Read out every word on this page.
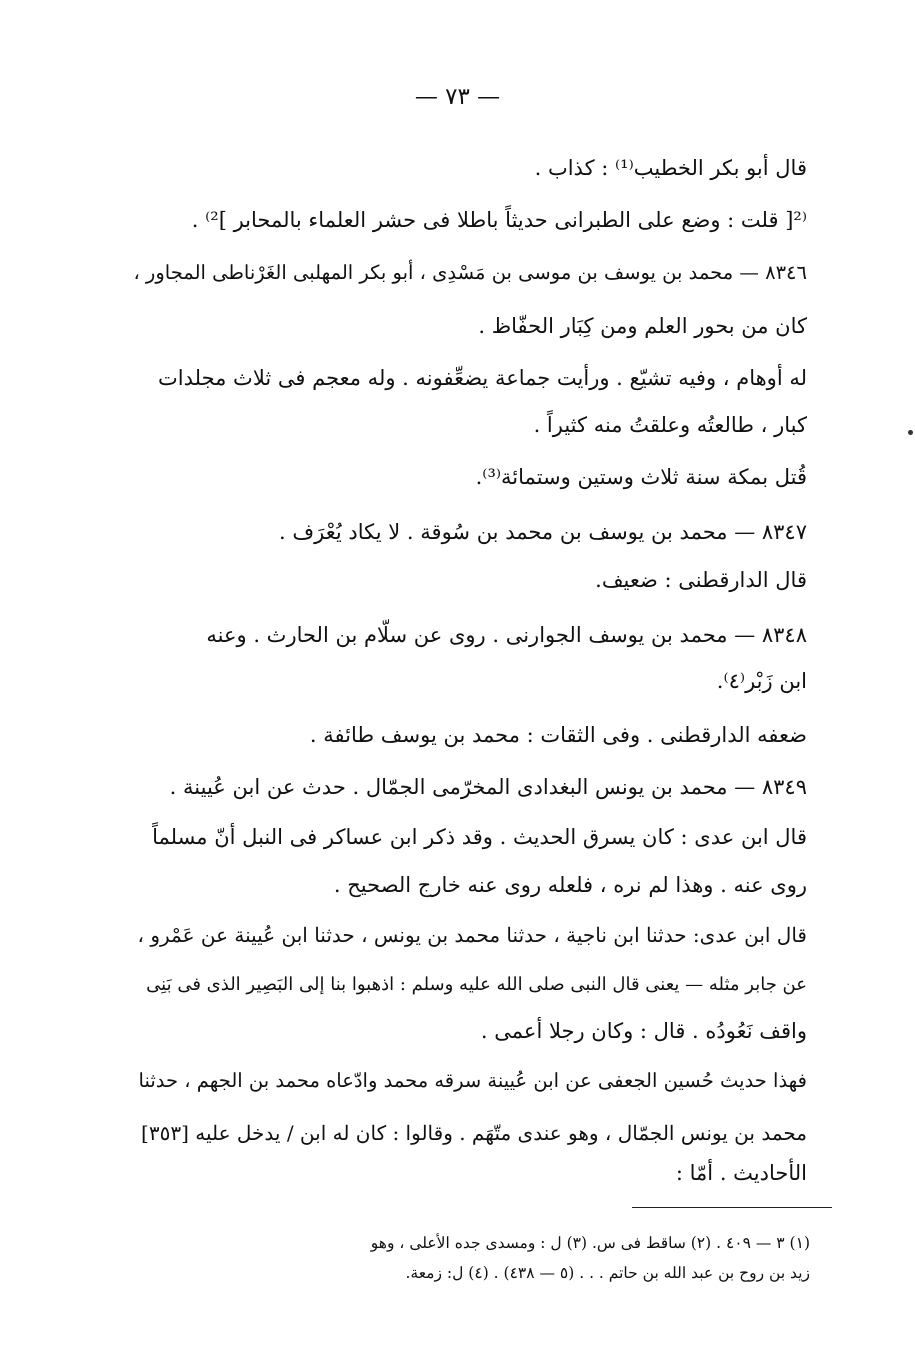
— ٧٣ —
قال أبو بكر الخطيب⁽¹⁾ : كذاب .
⁽²[ قلت : وضع على الطبرانى حديثاً باطلا فى حشر العلماء بالمحابر ]²⁾ .
٨٣٤٦ — محمد بن يوسف بن موسى بن مَسْدِى ، أبو بكر المهلبى الغَرْناطى المجاور ،
كان من بحور العلم ومن كِبَار الحفّاظ .
له أوهام ، وفيه تشيّع . ورأيت جماعة يضعِّفونه . وله معجم فى ثلاث مجلدات
كبار ، طالعتُه وعلقتُ منه كثيراً .
قُتل بمكة سنة ثلاث وستين وستمائة⁽³⁾.
٨٣٤٧ — محمد بن يوسف بن محمد بن سُوقة . لا يكاد يُعْرَف .
قال الدارقطنى : ضعيف.
٨٣٤٨ — محمد بن يوسف الجوارنى . روى عن سلّام بن الحارث . وعنه
ابن زَبْر⁽٤⁾.
ضعفه الدارقطنى . وفى الثقات : محمد بن يوسف طائفة .
٨٣٤٩ — محمد بن يونس البغدادى المخرّمى الجمّال . حدث عن ابن عُيينة .
قال ابن عدى : كان يسرق الحديث . وقد ذكر ابن عساكر فى النبل أنّ مسلماً
روى عنه . وهذا لم نره ، فلعله روى عنه خارج الصحيح .
قال ابن عدى: حدثنا ابن ناجية ، حدثنا محمد بن يونس ، حدثنا ابن عُيينة عن عَمْرو ،
عن جابر مثله — يعنى قال النبى صلى الله عليه وسلم : اذهبوا بنا إلى البَصِير الذى فى بَنِى
واقف نَعُودُه . قال : وكان رجلا أعمى .
فهذا حديث حُسين الجعفى عن ابن عُيينة سرقه محمد وادّعاه محمد بن الجهم ، حدثنا
محمد بن يونس الجمّال ، وهو عندى متّهَم . وقالوا : كان له ابن / يدخل عليه [٣٥٣]
الأحاديث . أمّا :
(١) ٣ — ٤٠٩ . (٢) ساقط فى س. (٣) ل : ومسدى جده الأعلى ، وهو
زيد بن روح بن عبد الله بن حاتم . . . (٥ — ٤٣٨) . (٤) ل: زمعة.
